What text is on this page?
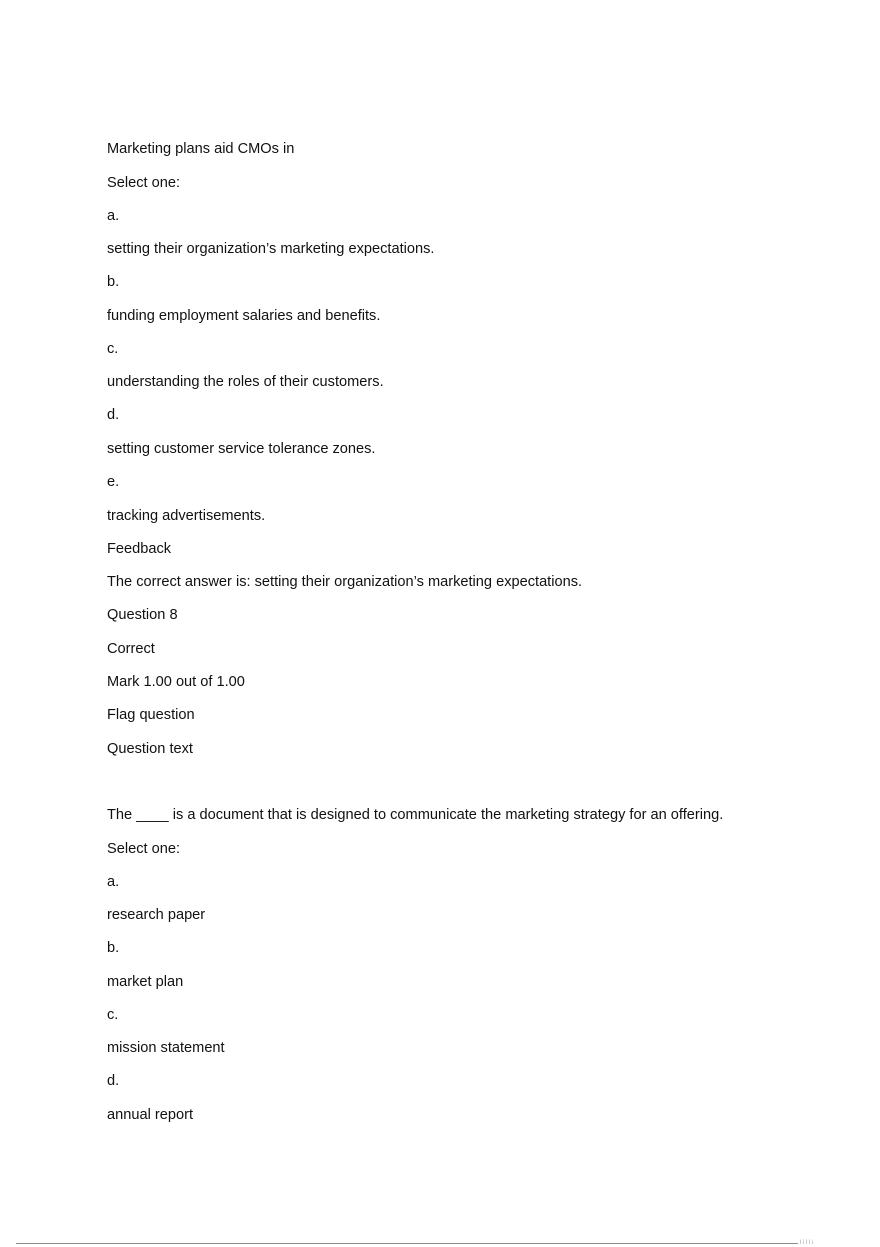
Marketing plans aid CMOs in
Select one:
a.
setting their organization’s marketing expectations.
b.
funding employment salaries and benefits.
c.
understanding the roles of their customers.
d.
setting customer service tolerance zones.
e.
tracking advertisements.
Feedback
The correct answer is: setting their organization’s marketing expectations.
Question 8
Correct
Mark 1.00 out of 1.00
Flag question
Question text
The ____ is a document that is designed to communicate the marketing strategy for an offering.
Select one:
a.
research paper
b.
market plan
c.
mission statement
d.
annual report
l i l l i
